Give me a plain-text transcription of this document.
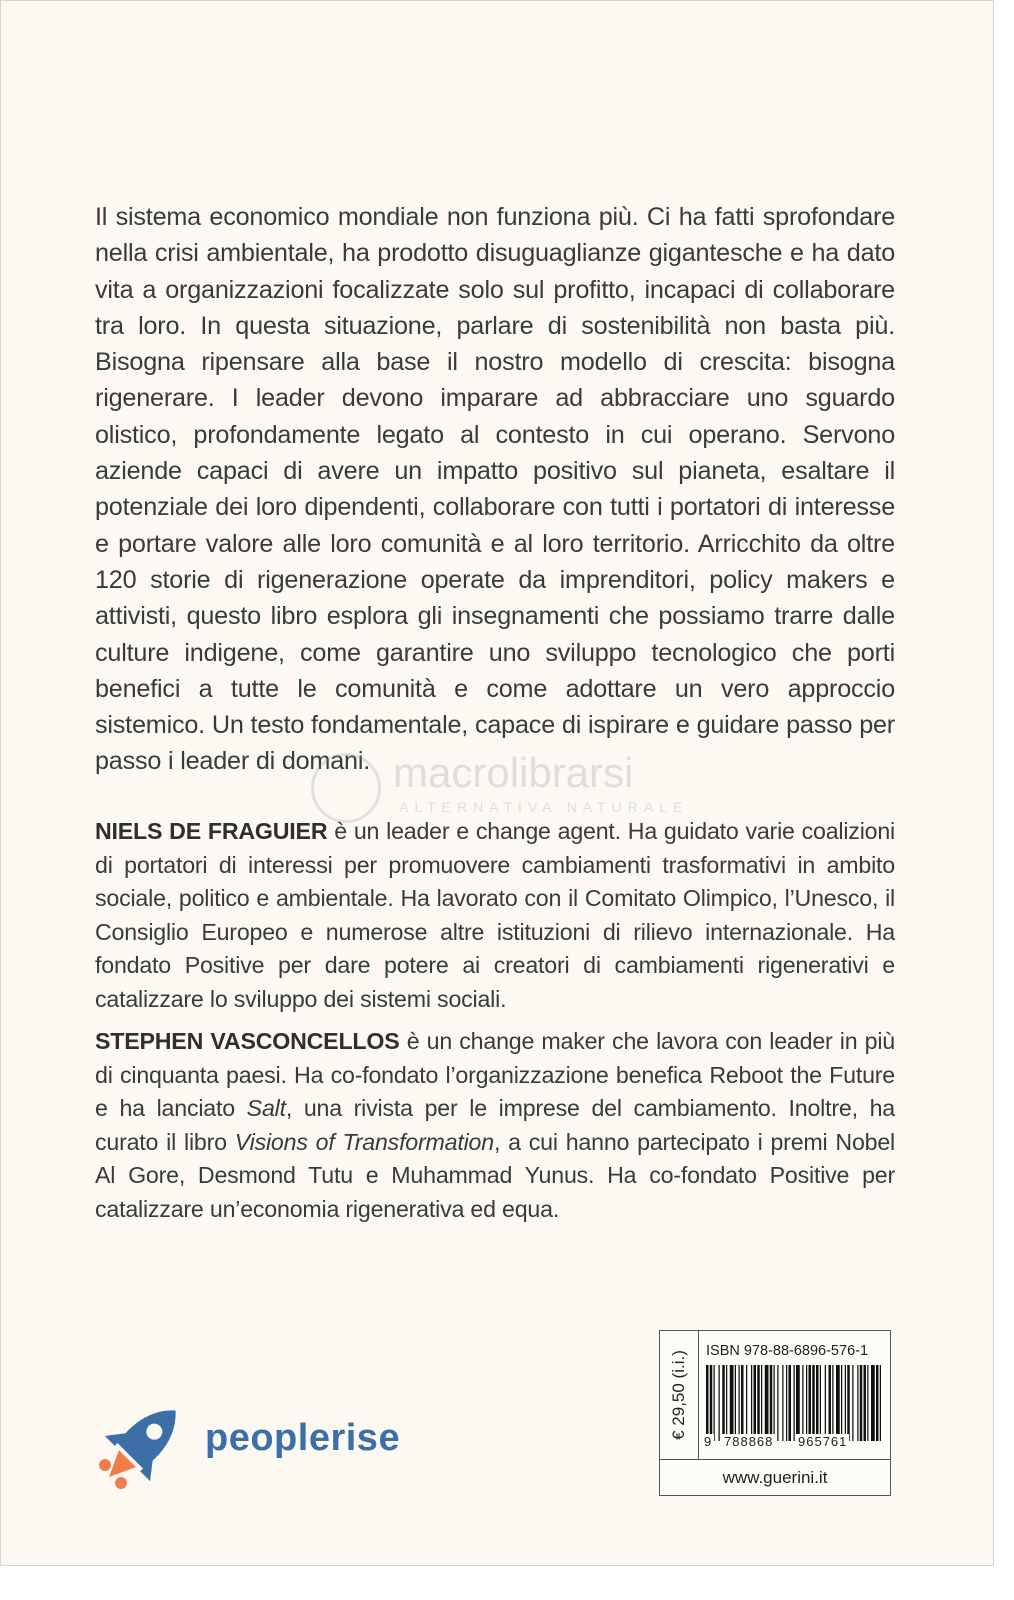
Il sistema economico mondiale non funziona più. Ci ha fatti sprofondare nella crisi ambientale, ha prodotto disuguaglianze gigantesche e ha dato vita a organizzazioni focalizzate solo sul profitto, incapaci di collaborare tra loro. In questa situazione, parlare di sostenibilità non basta più. Bisogna ripensare alla base il nostro modello di crescita: bisogna rigenerare. I leader devono imparare ad abbracciare uno sguardo olistico, profondamente legato al contesto in cui operano. Servono aziende capaci di avere un impatto positivo sul pianeta, esaltare il potenziale dei loro dipendenti, collaborare con tutti i portatori di interesse e portare valore alle loro comunità e al loro territorio. Arricchito da oltre 120 storie di rigenerazione operate da imprenditori, policy makers e attivisti, questo libro esplora gli insegnamenti che possiamo trarre dalle culture indigene, come garantire uno sviluppo tecnologico che porti benefici a tutte le comunità e come adottare un vero approccio sistemico. Un testo fondamentale, capace di ispirare e guidare passo per passo i leader di domani. macrolibrarsi
ALTERNATIVA NATURALE
NIELS DE FRAGUIER è un leader e change agent. Ha guidato varie coalizioni di portatori di interessi per promuovere cambiamenti trasformativi in ambito sociale, politico e ambientale. Ha lavorato con il Comitato Olimpico, l’Unesco, il Consiglio Europeo e numerose altre istituzioni di rilievo internazionale. Ha fondato Positive per dare potere ai creatori di cambiamenti rigenerativi e catalizzare lo sviluppo dei sistemi sociali.
STEPHEN VASCONCELLOS è un change maker che lavora con leader in più di cinquanta paesi. Ha co-fondato l’organizzazione benefica Reboot the Future e ha lanciato Salt, una rivista per le imprese del cambiamento. Inoltre, ha curato il libro Visions of Transformation, a cui hanno partecipato i premi Nobel Al Gore, Desmond Tutu e Muhammad Yunus. Ha co-fondato Positive per catalizzare un’economia rigenerativa ed equa.
peoplerise	€ 29,50 (i.i.) ISBN 978-88-6896-576-1
9 788868 965761
www.guerini.it
